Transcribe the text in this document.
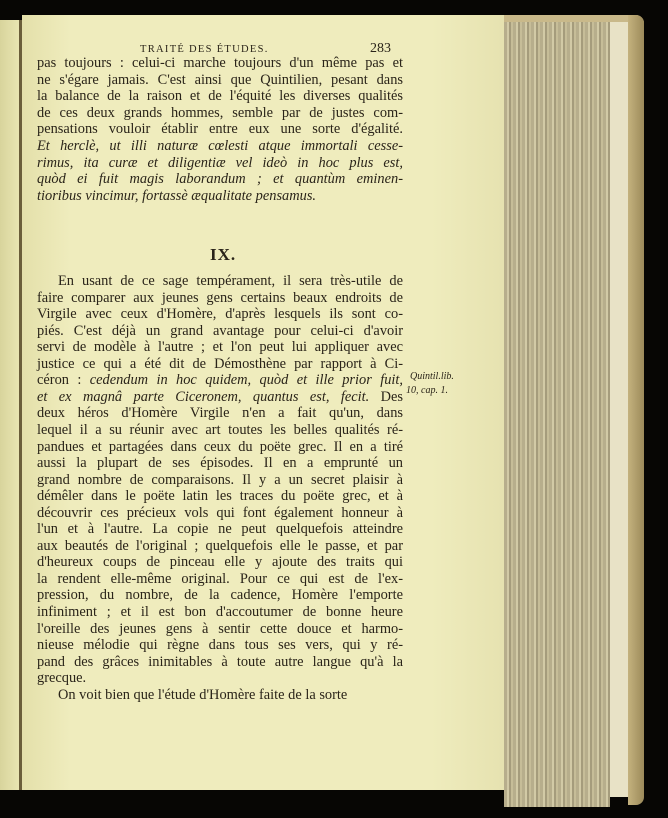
TRAITÉ DES ÉTUDES.	283
pas toujours : celui-ci marche toujours d'un même pas et
ne s'égare jamais. C'est ainsi que Quintilien, pesant dans
la balance de la raison et de l'équité les diverses qualités
de ces deux grands hommes, semble par de justes com-
pensations vouloir établir entre eux une sorte d'égalité.
Et herclè, ut illi naturæ cœlesti atque immortali cesse-
rimus, ita curæ et diligentiæ vel ideò in hoc plus est,
quòd ei fuit magis laborandum ; et quantùm eminen-
tioribus vincimur, fortassè æqualitate pensamus.
IX.
En usant de ce sage tempérament, il sera très-utile de
faire comparer aux jeunes gens certains beaux endroits de
Virgile avec ceux d'Homère, d'après lesquels ils sont co-
piés. C'est déjà un grand avantage pour celui-ci d'avoir
servi de modèle à l'autre ; et l'on peut lui appliquer avec
justice ce qui a été dit de Démosthène par rapport à Ci-
céron : cedendum in hoc quidem, quòd et ille prior fuit,
et ex magnâ parte Ciceronem, quantus est, fecit. Des
deux héros d'Homère Virgile n'en a fait qu'un, dans
lequel il a su réunir avec art toutes les belles qualités ré-
pandues et partagées dans ceux du poëte grec. Il en a tiré
aussi la plupart de ses épisodes. Il en a emprunté un
grand nombre de comparaisons. Il y a un secret plaisir à
démêler dans le poëte latin les traces du poëte grec, et à
découvrir ces précieux vols qui font également honneur à
l'un et à l'autre. La copie ne peut quelquefois atteindre
aux beautés de l'original ; quelquefois elle le passe, et par
d'heureux coups de pinceau elle y ajoute des traits qui
la rendent elle-même original. Pour ce qui est de l'ex-
pression, du nombre, de la cadence, Homère l'emporte
infiniment ; et il est bon d'accoutumer de bonne heure
l'oreille des jeunes gens à sentir cette douce et harmo-
nieuse mélodie qui règne dans tous ses vers, qui y ré-
pand des grâces inimitables à toute autre langue qu'à la
grecque.
On voit bien que l'étude d'Homère faite de la sorte
Quintil.lib.
10, cap. 1.
